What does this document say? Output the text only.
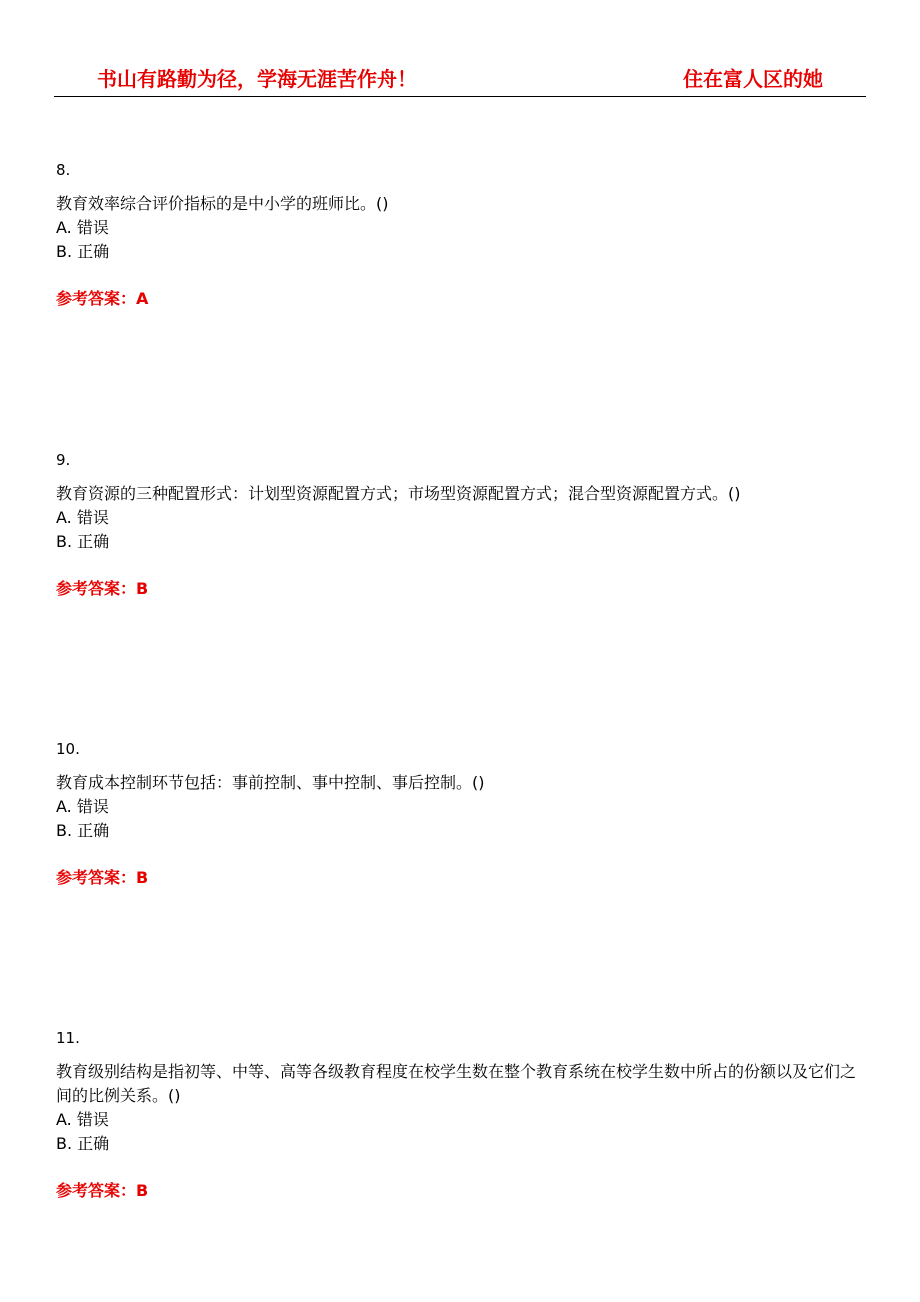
书山有路勤为径，学海无涯苦作舟！	住在富人区的她
8.
教育效率综合评价指标的是中小学的班师比。()
A. 错误
B. 正确
参考答案：A
9.
教育资源的三种配置形式：计划型资源配置方式；市场型资源配置方式；混合型资源配置方式。()
A. 错误
B. 正确
参考答案：B
10.
教育成本控制环节包括：事前控制、事中控制、事后控制。()
A. 错误
B. 正确
参考答案：B
11.
教育级别结构是指初等、中等、高等各级教育程度在校学生数在整个教育系统在校学生数中所占的份额以及它们之间的比例关系。()
A. 错误
B. 正确
参考答案：B
